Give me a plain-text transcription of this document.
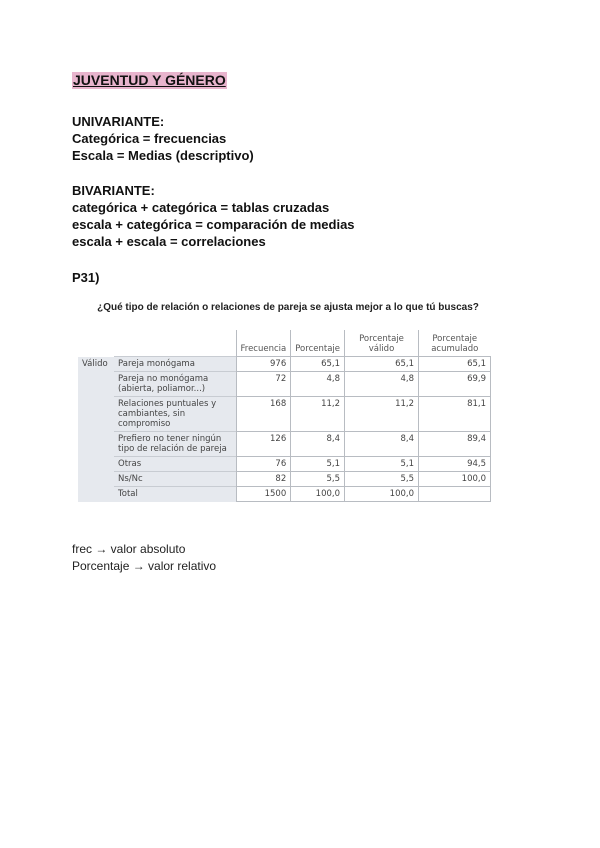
JUVENTUD Y GÉNERO
UNIVARIANTE:
Categórica = frecuencias
Escala = Medias (descriptivo)
BIVARIANTE:
categórica + categórica = tablas cruzadas
escala + categórica = comparación de medias
escala + escala = correlaciones
P31)
¿Qué tipo de relación o relaciones de pareja se ajusta mejor a lo que tú buscas?
		Frecuencia	Porcentaje	Porcentaje válido	Porcentaje acumulado
Válido	Pareja monógama	976	65,1	65,1	65,1
	Pareja no monógama (abierta, poliamor...)	72	4,8	4,8	69,9
	Relaciones puntuales y cambiantes, sin compromiso	168	11,2	11,2	81,1
	Prefiero no tener ningún tipo de relación de pareja	126	8,4	8,4	89,4
	Otras	76	5,1	5,1	94,5
	Ns/Nc	82	5,5	5,5	100,0
	Total	1500	100,0	100,0	
frec → valor absoluto
Porcentaje → valor relativo
